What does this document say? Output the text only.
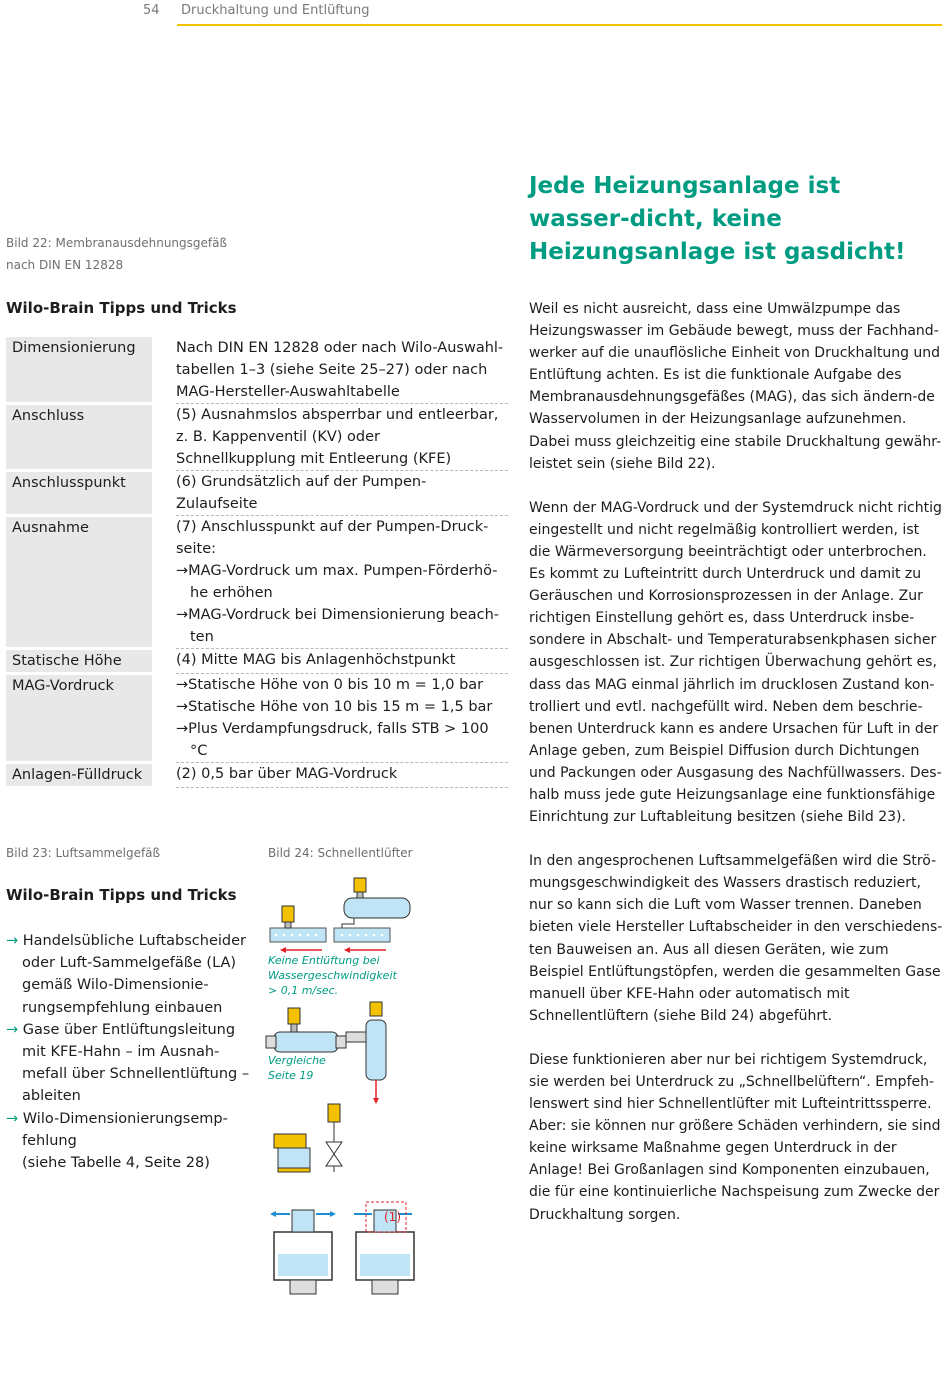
54 Druckhaltung und Entlüftung
Bild 22: Membranausdehnungsgefäß
nach DIN EN 12828
Jede Heizungsanlage ist wasser-dicht, keine Heizungsanlage ist gasdicht!
Wilo-Brain Tipps und Tricks
Dimensionierung		Nach DIN EN 12828 oder nach Wilo-Auswahl-tabellen 1–3 (siehe Seite 25–27) oder nach MAG-Hersteller-Auswahltabelle
Anschluss		(5) Ausnahmslos absperrbar und entleerbar, z. B. Kappenventil (KV) oder Schnellkupplung mit Entleerung (KFE)
Anschlusspunkt		(6) Grundsätzlich auf der Pumpen-Zulaufseite
Ausnahme		(7) Anschlusspunkt auf der Pumpen-Druck-seite:
→MAG-Vordruck um max. Pumpen-Förderhö-he erhöhen
→MAG-Vordruck bei Dimensionierung beach-ten

Statische Höhe		(4) Mitte MAG bis Anlagenhöchstpunkt
MAG-Vordruck		→Statische Höhe von 0 bis 10 m = 1,0 bar
→Statische Höhe von 10 bis 15 m = 1,5 bar
→Plus Verdampfungsdruck, falls STB > 100 °C

Anlagen-Fülldruck		(2) 0,5 bar über MAG-Vordruck
Bild 23: Luftsammelgefäß	Bild 24: Schnellentlüfter
Wilo-Brain Tipps und Tricks
→ Handelsübliche Luftabscheider oder Luft-Sammelgefäße (LA) gemäß Wilo-Dimensionie-rungsempfehlung einbauen
→ Gase über Entlüftungsleitung mit KFE-Hahn – im Ausnah-mefall über Schnellentlüftung – ableiten
→ Wilo-Dimensionierungsemp-fehlung
(siehe Tabelle 4, Seite 28)
Keine Entlüftung bei
Wassergeschwindigkeit
> 0,1 m/sec.
Vergleiche
Seite 19
(1)

Weil es nicht ausreicht, dass eine Umwälzpumpe das Heizungswasser im Gebäude bewegt, muss der Fachhand-werker auf die unauflösliche Einheit von Druckhaltung und Entlüftung achten. Es ist die funktionale Aufgabe des Membranausdehnungsgefäßes (MAG), das sich ändern-de Wasservolumen in der Heizungsanlage aufzunehmen. Dabei muss gleichzeitig eine stabile Druckhaltung gewähr-leistet sein (siehe Bild 22).

Wenn der MAG-Vordruck und der Systemdruck nicht richtig eingestellt und nicht regelmäßig kontrolliert werden, ist die Wärmeversorgung beeinträchtigt oder unterbrochen. Es kommt zu Lufteintritt durch Unterdruck und damit zu Geräuschen und Korrosionsprozessen in der Anlage. Zur richtigen Einstellung gehört es, dass Unterdruck insbe-sondere in Abschalt- und Temperaturabsenkphasen sicher ausgeschlossen ist. Zur richtigen Überwachung gehört es, dass das MAG einmal jährlich im drucklosen Zustand kon-trolliert und evtl. nachgefüllt wird. Neben dem beschrie-benen Unterdruck kann es andere Ursachen für Luft in der Anlage geben, zum Beispiel Diffusion durch Dichtungen und Packungen oder Ausgasung des Nachfüllwassers. Des-halb muss jede gute Heizungsanlage eine funktionsfähige Einrichtung zur Luftableitung besitzen (siehe Bild 23).

In den angesprochenen Luftsammelgefäßen wird die Strö-mungsgeschwindigkeit des Wassers drastisch reduziert, nur so kann sich die Luft vom Wasser trennen. Daneben bieten viele Hersteller Luftabscheider in den verschiedens-ten Bauweisen an. Aus all diesen Geräten, wie zum Beispiel Entlüftungstöpfen, werden die gesammelten Gase manuell über KFE-Hahn oder automatisch mit Schnellentlüftern (siehe Bild 24) abgeführt.

Diese funktionieren aber nur bei richtigem Systemdruck, sie werden bei Unterdruck zu „Schnellbelüftern“. Empfeh-lenswert sind hier Schnellentlüfter mit Lufteintrittssperre. Aber: sie können nur größere Schäden verhindern, sie sind keine wirksame Maßnahme gegen Unterdruck in der Anlage! Bei Großanlagen sind Komponenten einzubauen, die für eine kontinuierliche Nachspeisung zum Zwecke der Druckhaltung sorgen.
